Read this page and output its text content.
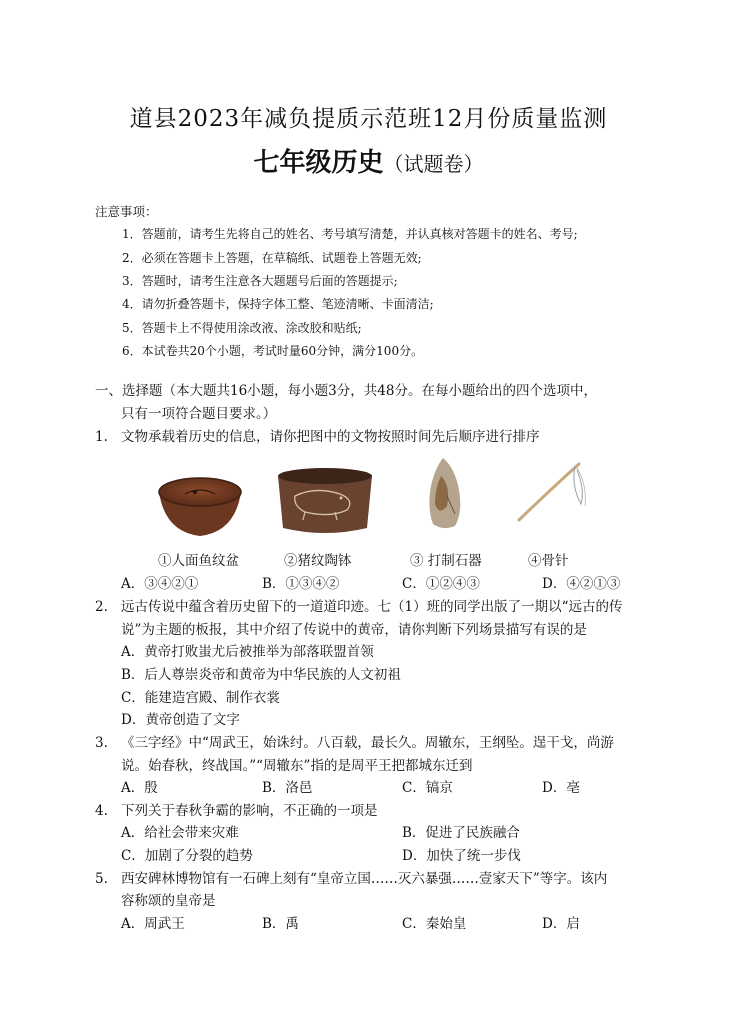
道县2023年减负提质示范班12月份质量监测
七年级历史（试题卷）
注意事项：
1．答题前，请考生先将自己的姓名、考号填写清楚，并认真核对答题卡的姓名、考号;
2．必须在答题卡上答题，在草稿纸、试题卷上答题无效;
3．答题时，请考生注意各大题题号后面的答题提示;
4．请勿折叠答题卡，保持字体工整、笔迹清晰、卡面清洁;
5．答题卡上不得使用涂改液、涂改胶和贴纸;
6．本试卷共20个小题，考试时量60分钟，满分100分。
一、选择题（本大题共16小题，每小题3分，共48分。在每小题给出的四个选项中，
只有一项符合题目要求。）
1. 文物承载着历史的信息，请你把图中的文物按照时间先后顺序进行排序
①人面鱼纹盆	②猪纹陶钵	③ 打制石器	④骨针
A．③④②①	B．①③④②	C．①②④③	D．④②①③
2. 远古传说中蕴含着历史留下的一道道印迹。七（1）班的同学出版了一期以“远古的传
说”为主题的板报，其中介绍了传说中的黄帝，请你判断下列场景描写有误的是
A．黄帝打败蚩尤后被推举为部落联盟首领
B．后人尊崇炎帝和黄帝为中华民族的人文初祖
C．能建造宫殿、制作衣裳
D．黄帝创造了文字
3. 《三字经》中“周武王，始诛纣。八百载，最长久。周辙东，王纲坠。逞干戈，尚游
说。始春秋，终战国。”“周辙东”指的是周平王把都城东迁到
A．殷	B．洛邑	C．镐京	D．亳
4. 下列关于春秋争霸的影响，不正确的一项是
A．给社会带来灾难	B．促进了民族融合
C．加剧了分裂的趋势	D．加快了统一步伐
5. 西安碑林博物馆有一石碑上刻有“皇帝立国……灭六暴强……壹家天下”等字。该内
容称颂的皇帝是
A．周武王	B．禹	C．秦始皇	D．启
